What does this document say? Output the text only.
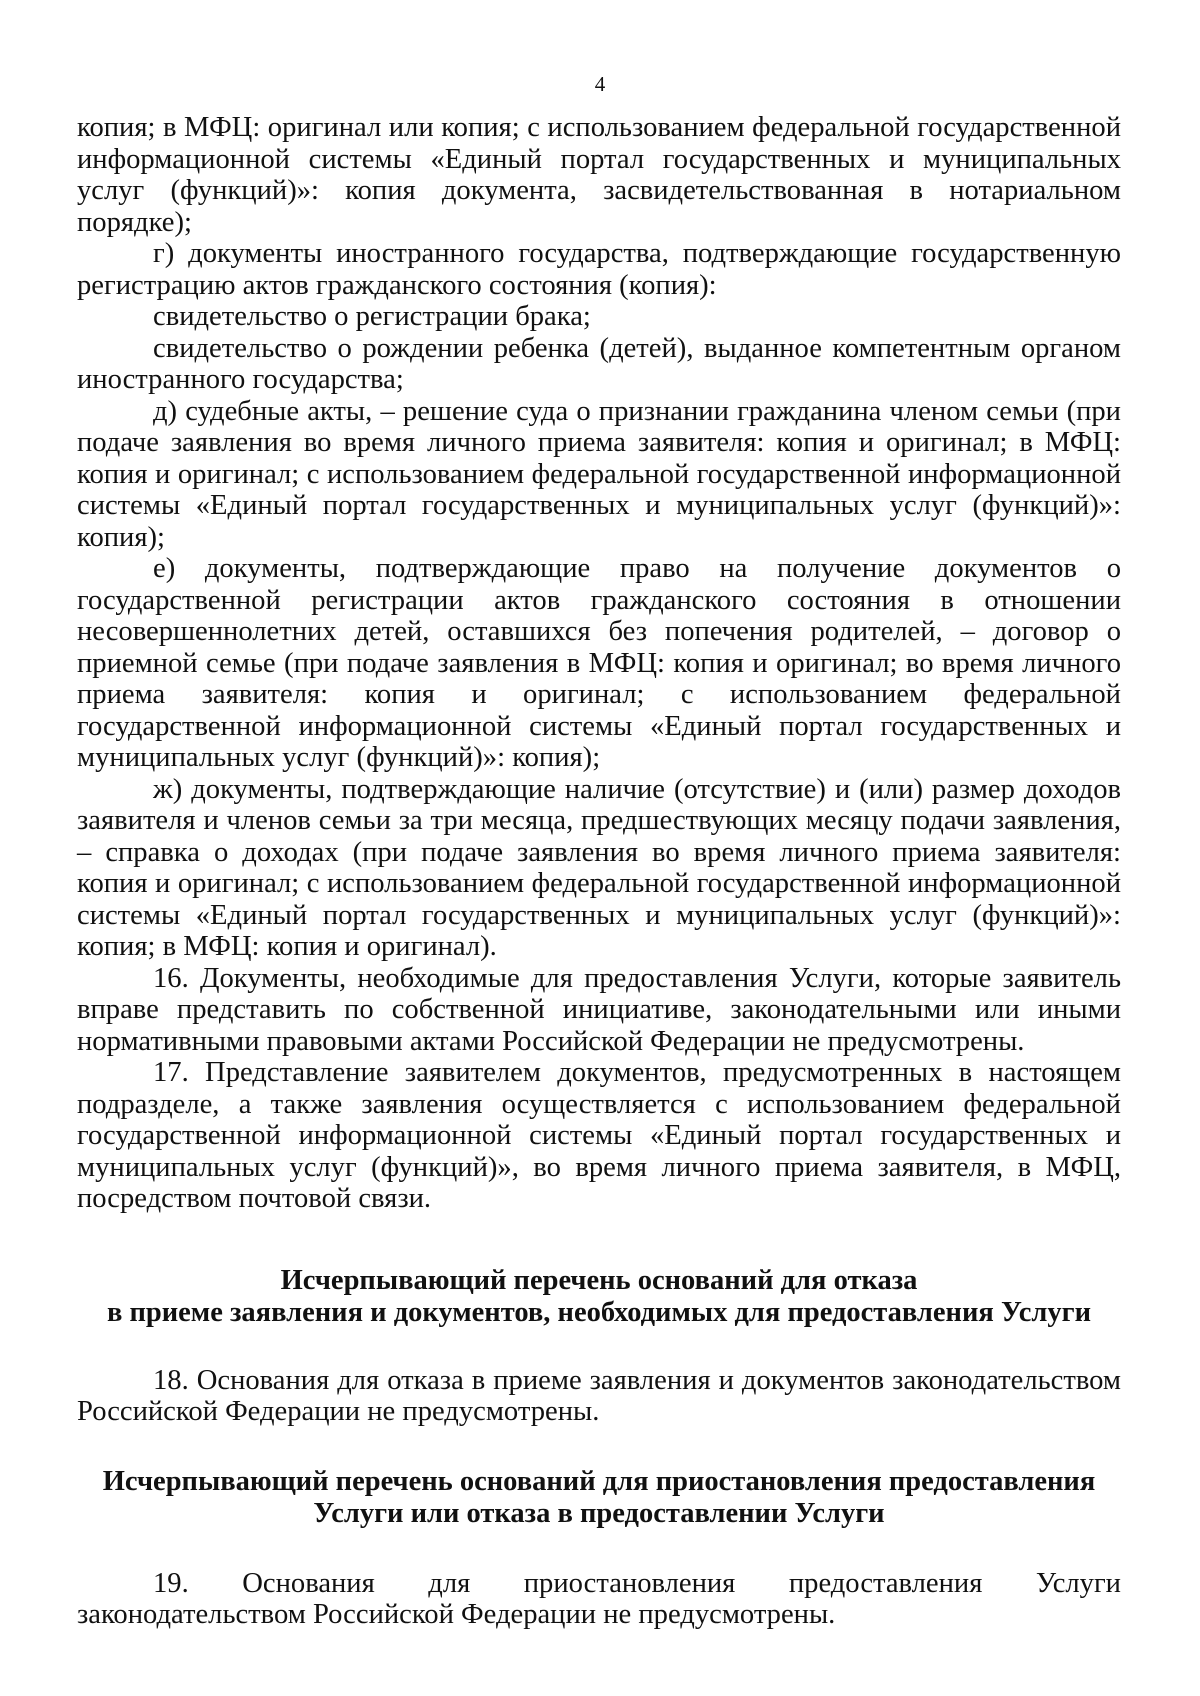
4

копия; в МФЦ: оригинал или копия; с использованием федеральной государственной информационной системы «Единый портал государственных и муниципальных услуг (функций)»: копия документа, засвидетельствованная в нотариальном порядке);

г) документы иностранного государства, подтверждающие государственную регистрацию актов гражданского состояния (копия):

свидетельство о регистрации брака;

свидетельство о рождении ребенка (детей), выданное компетентным органом иностранного государства;

д) судебные акты, – решение суда о признании гражданина членом семьи (при подаче заявления во время личного приема заявителя: копия и оригинал; в МФЦ: копия и оригинал; с использованием федеральной государственной информационной системы «Единый портал государственных и муниципальных услуг (функций)»: копия);

е) документы, подтверждающие право на получение документов о государственной регистрации актов гражданского состояния в отношении несовершеннолетних детей, оставшихся без попечения родителей, – договор о приемной семье (при подаче заявления в МФЦ: копия и оригинал; во время личного приема заявителя: копия и оригинал; с использованием федеральной государственной информационной системы «Единый портал государственных и муниципальных услуг (функций)»: копия);

ж) документы, подтверждающие наличие (отсутствие) и (или) размер доходов заявителя и членов семьи за три месяца, предшествующих месяцу подачи заявления, – справка о доходах (при подаче заявления во время личного приема заявителя: копия и оригинал; с использованием федеральной государственной информационной системы «Единый портал государственных и муниципальных услуг (функций)»: копия; в МФЦ: копия и оригинал).

16. Документы, необходимые для предоставления Услуги, которые заявитель вправе представить по собственной инициативе, законодательными или иными нормативными правовыми актами Российской Федерации не предусмотрены.

17. Представление заявителем документов, предусмотренных в настоящем подразделе, а также заявления осуществляется с использованием федеральной государственной информационной системы «Единый портал государственных и муниципальных услуг (функций)», во время личного приема заявителя, в МФЦ, посредством почтовой связи.

Исчерпывающий перечень оснований для отказа
в приеме заявления и документов, необходимых для предоставления Услуги

18. Основания для отказа в приеме заявления и документов законодательством Российской Федерации не предусмотрены.

Исчерпывающий перечень оснований для приостановления предоставления
Услуги или отказа в предоставлении Услуги

19. Основания для приостановления предоставления Услуги законодательством Российской Федерации не предусмотрены.
